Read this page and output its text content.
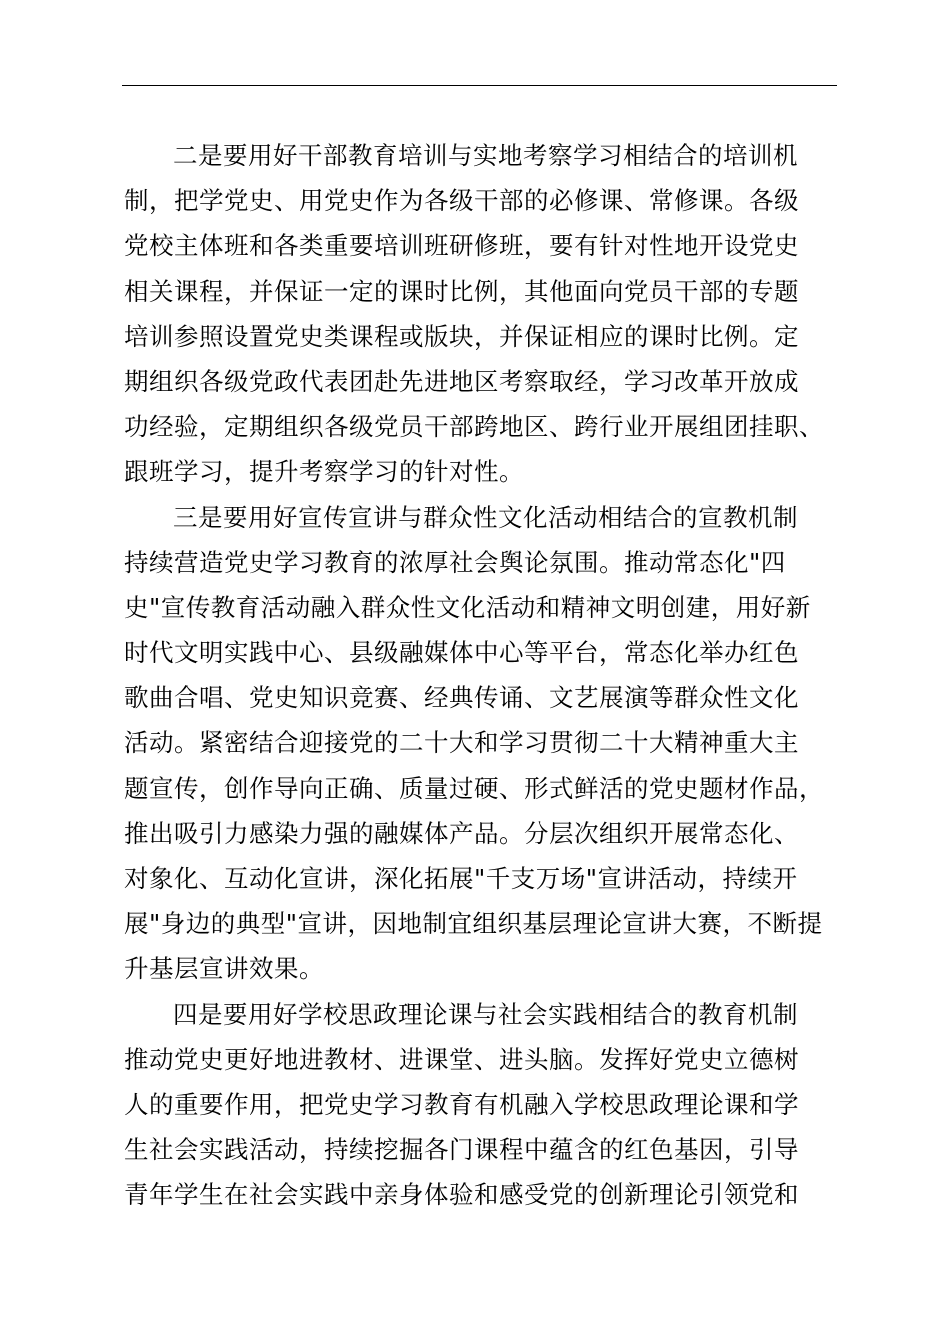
二是要用好干部教育培训与实地考察学习相结合的培训机
制，把学党史、用党史作为各级干部的必修课、常修课。各级
党校主体班和各类重要培训班研修班，要有针对性地开设党史
相关课程，并保证一定的课时比例，其他面向党员干部的专题
培训参照设置党史类课程或版块，并保证相应的课时比例。定
期组织各级党政代表团赴先进地区考察取经，学习改革开放成
功经验，定期组织各级党员干部跨地区、跨行业开展组团挂职、
跟班学习，提升考察学习的针对性。
三是要用好宣传宣讲与群众性文化活动相结合的宣教机制
持续营造党史学习教育的浓厚社会舆论氛围。推动常态化"四
史"宣传教育活动融入群众性文化活动和精神文明创建，用好新
时代文明实践中心、县级融媒体中心等平台，常态化举办红色
歌曲合唱、党史知识竞赛、经典传诵、文艺展演等群众性文化
活动。紧密结合迎接党的二十大和学习贯彻二十大精神重大主
题宣传，创作导向正确、质量过硬、形式鲜活的党史题材作品，
推出吸引力感染力强的融媒体产品。分层次组织开展常态化、
对象化、互动化宣讲，深化拓展"千支万场"宣讲活动，持续开
展"身边的典型"宣讲，因地制宜组织基层理论宣讲大赛，不断提
升基层宣讲效果。
四是要用好学校思政理论课与社会实践相结合的教育机制
推动党史更好地进教材、进课堂、进头脑。发挥好党史立德树
人的重要作用，把党史学习教育有机融入学校思政理论课和学
生社会实践活动，持续挖掘各门课程中蕴含的红色基因，引导
青年学生在社会实践中亲身体验和感受党的创新理论引领党和
